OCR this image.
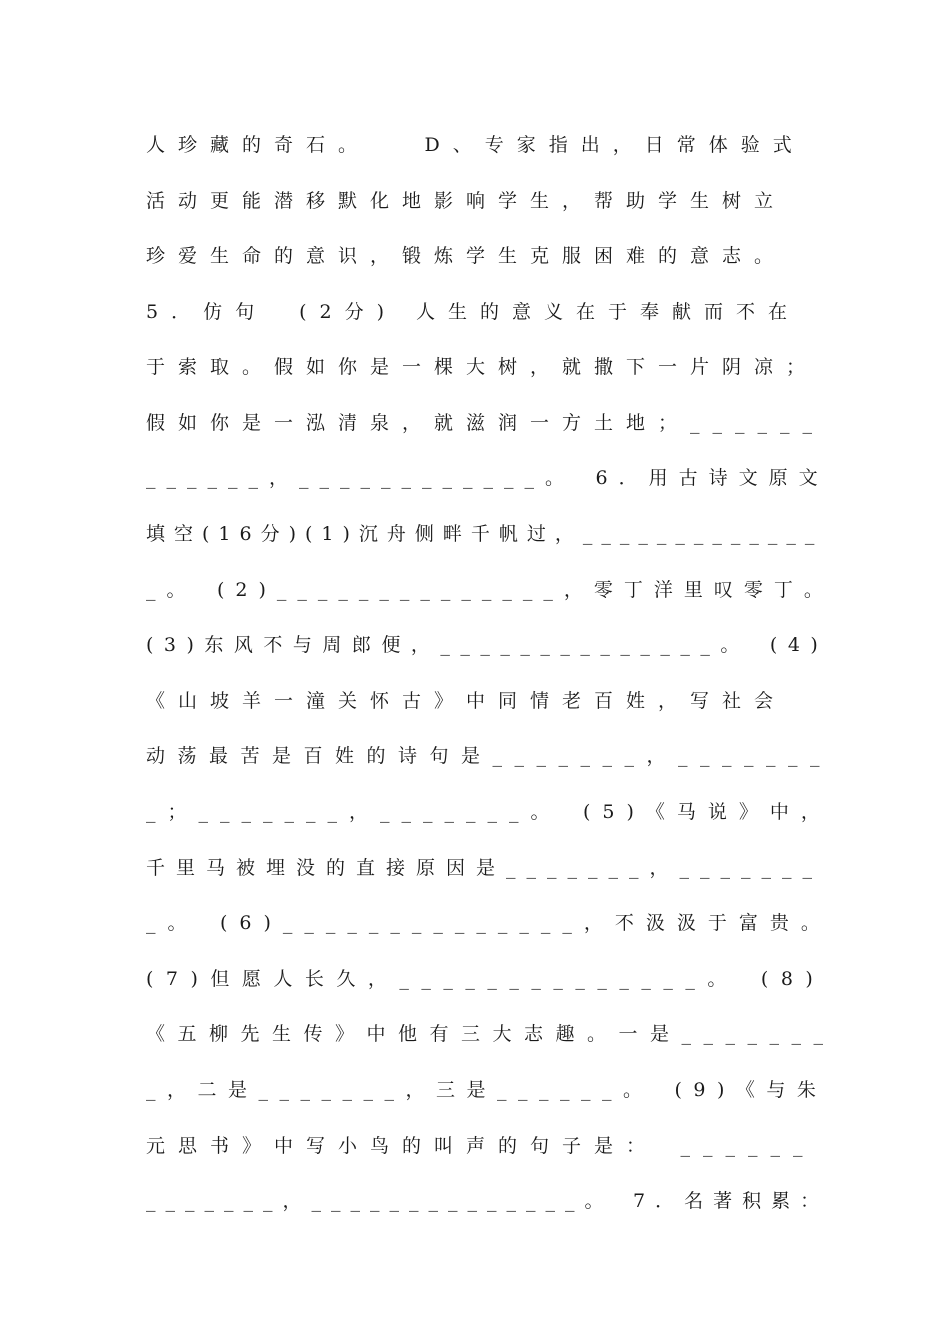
人珍藏的奇石。　　D、专家指出，日常体验式
活动更能潜移默化地影响学生，帮助学生树立
珍爱生命的意识，锻炼学生克服困难的意志。
5．仿句　(2分) 人生的意义在于奉献而不在
于索取。假如你是一棵大树，就撒下一片阴凉；
假如你是一泓清泉，就滋润一方土地；______
______，____________。　6．用古诗文原文
填空(16分)(1)沉舟侧畔千帆过，_____________
_。　(2)______________，零丁洋里叹零丁。
(3)东风不与周郎便，______________。　(4)
《山坡羊一潼关怀古》中同情老百姓，写社会
动荡最苦是百姓的诗句是_______，_______
_；_______，_______。　(5)《马说》中，
千里马被埋没的直接原因是_______，_______
_。　(6)______________，不汲汲于富贵。
(7)但愿人长久，______________。　(8)
《五柳先生传》中他有三大志趣。一是_______
_，二是_______，三是______。　(9)《与朱
元思书》中写小鸟的叫声的句子是：　______
_______，______________。　7．名著积累：
